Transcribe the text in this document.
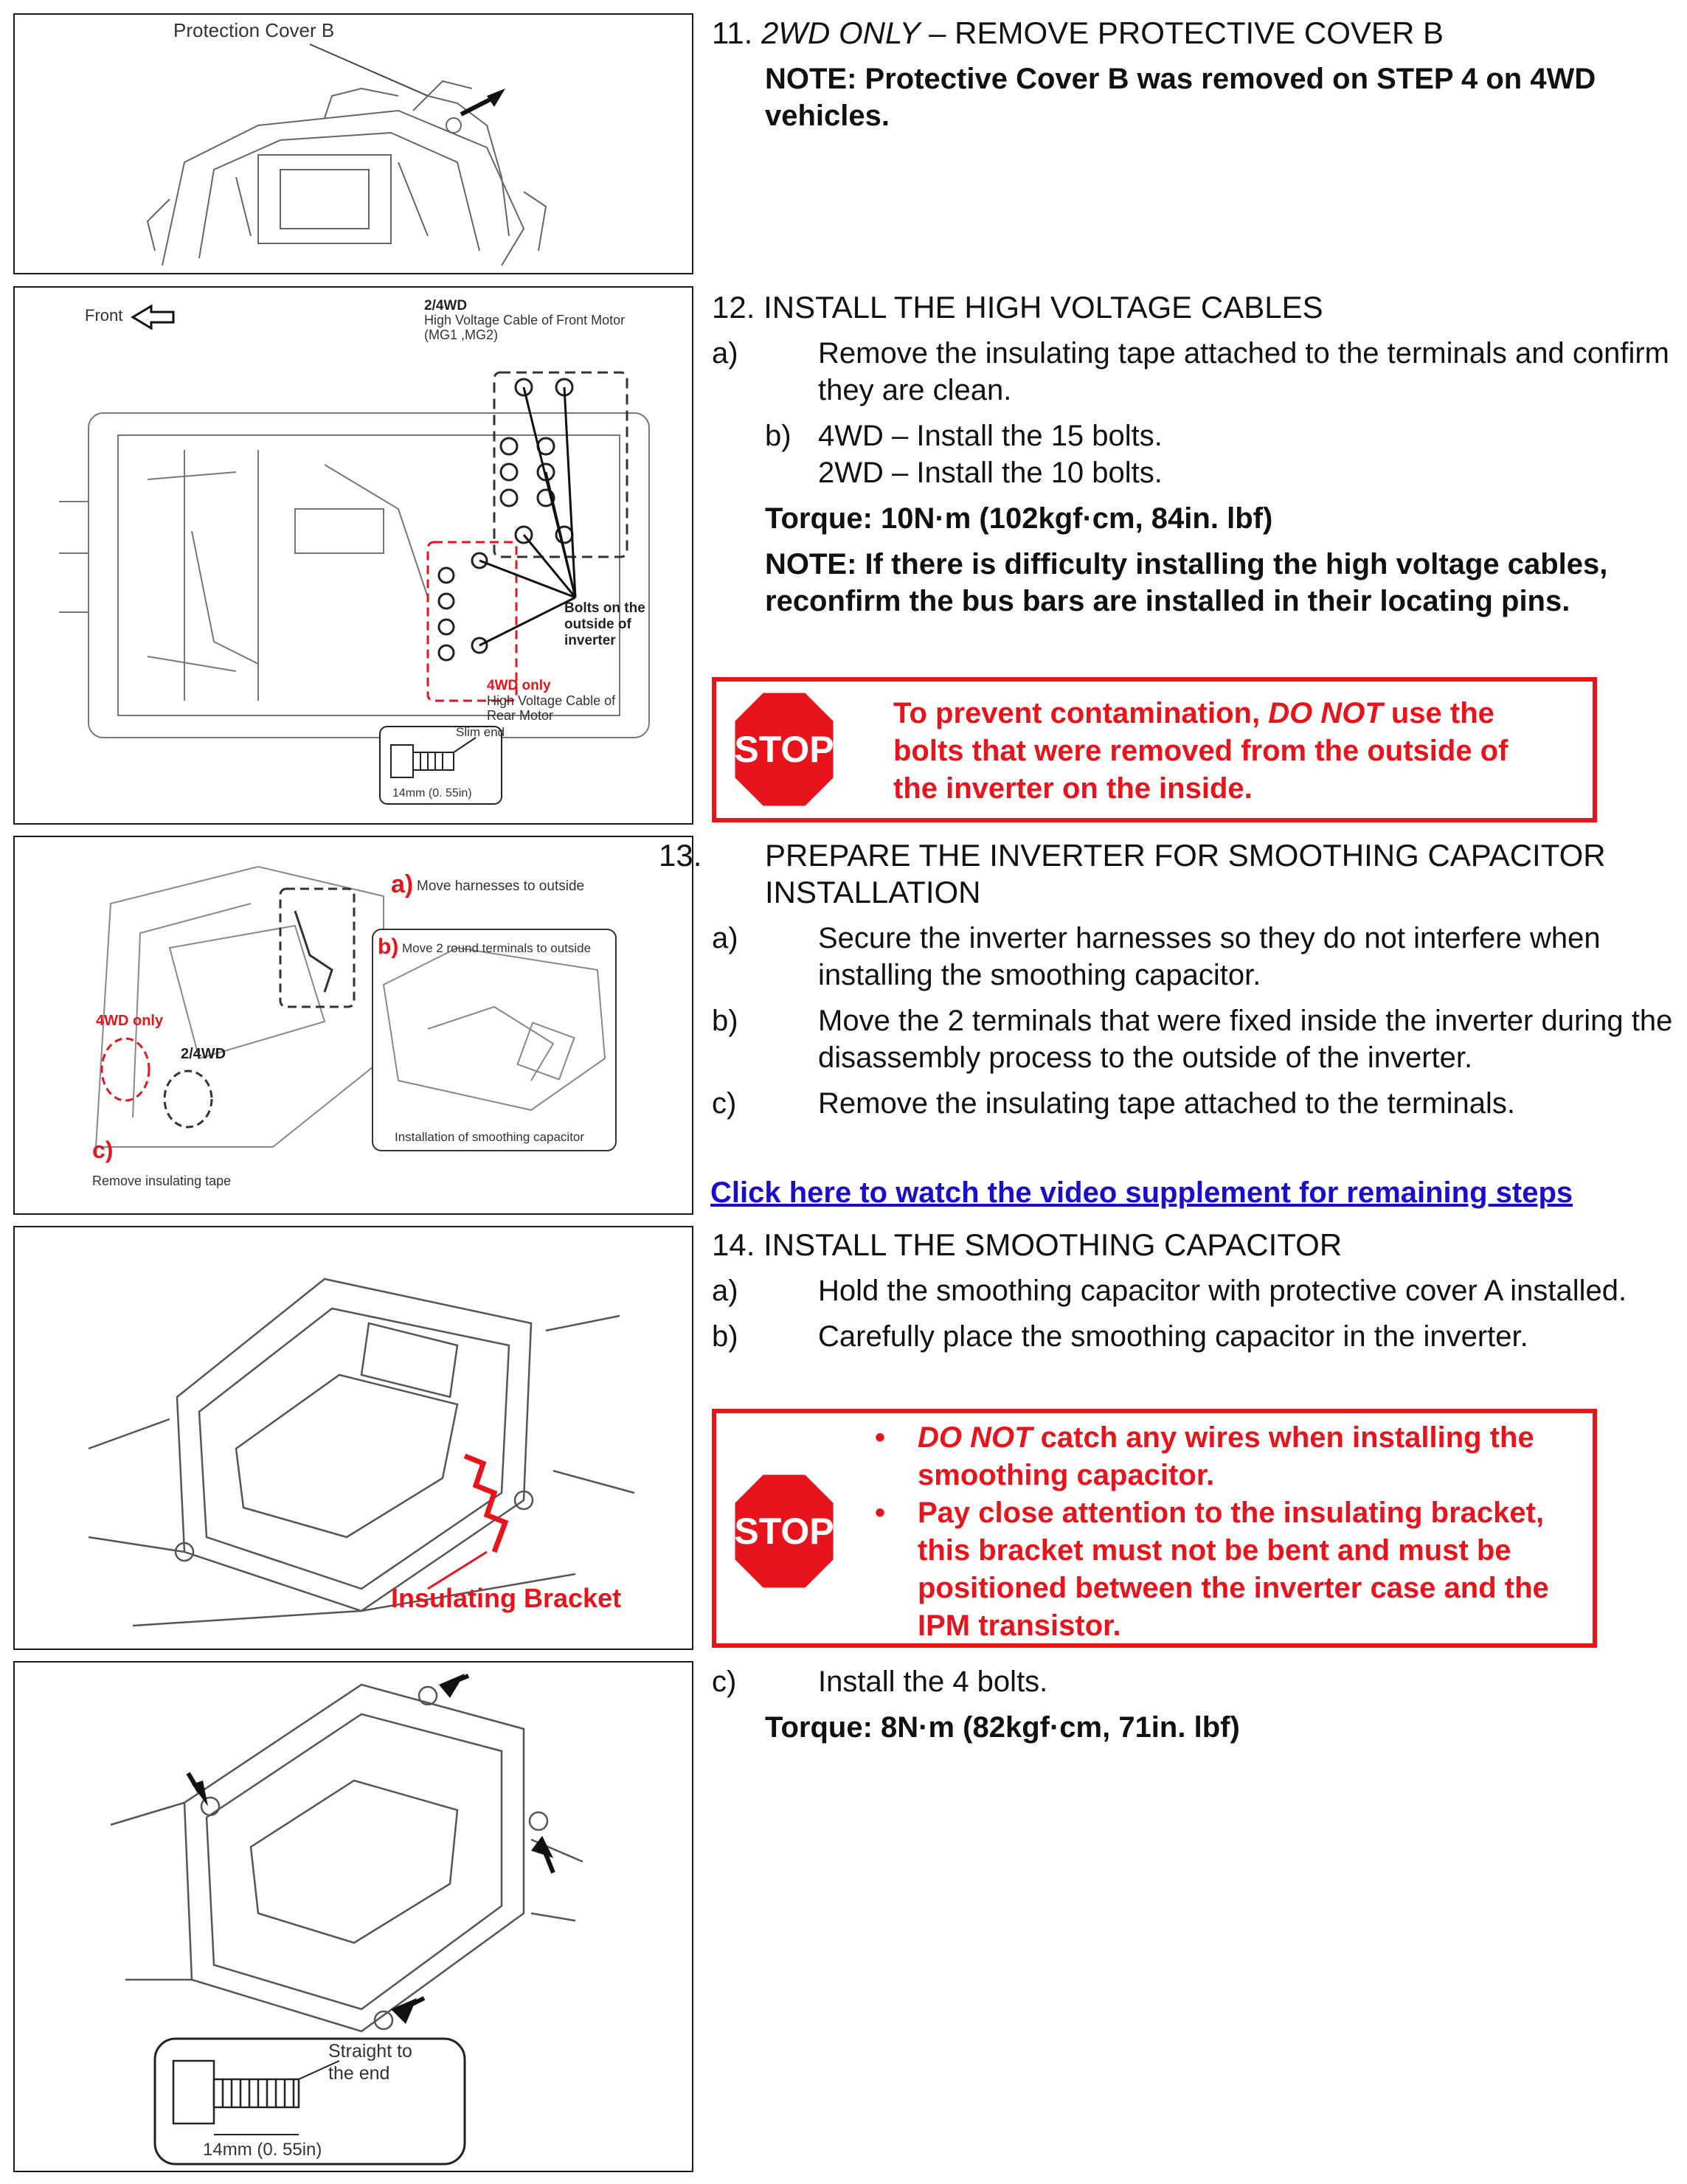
Protection Cover B
Front
2/4WD
High Voltage Cable of Front Motor
(MG1 ,MG2)
Bolts on the
outside of
inverter
4WD only
High Voltage Cable of
Rear Motor
Slim end
14mm (0. 55in)
a) Move harnesses to outside
b) Move 2 round terminals to outside
Installation of smoothing capacitor
4WD only
2/4WD
c)
Remove insulating tape
Insulating Bracket
Straight to
the end
14mm (0. 55in)

11. 2WD ONLY – REMOVE PROTECTIVE COVER B

NOTE: Protective Cover B was removed on STEP 4 on 4WD vehicles.

12. INSTALL THE HIGH VOLTAGE CABLES

a)	Remove the insulating tape attached to the terminals and confirm they are clean.

b) 4WD – Install the 15 bolts.

2WD – Install the 10 bolts.

Torque: 10N·m (102kgf·cm, 84in. lbf)

NOTE: If there is difficulty installing the high voltage cables, reconfirm the bus bars are installed in their locating pins.

STOP
To prevent contamination, DO NOT use the bolts that were removed from the outside of the inverter on the inside.

13. PREPARE THE INVERTER FOR SMOOTHING CAPACITOR INSTALLATION

a)	Secure the inverter harnesses so they do not interfere when installing the smoothing capacitor.

b)	Move the 2 terminals that were fixed inside the inverter during the disassembly process to the outside of the inverter.

c)	Remove the insulating tape attached to the terminals.

Click here to watch the video supplement for remaining steps

14. INSTALL THE SMOOTHING CAPACITOR

a)	Hold the smoothing capacitor with protective cover A installed.

b)	Carefully place the smoothing capacitor in the inverter.

STOP
• DO NOT catch any wires when installing the smoothing capacitor.
• Pay close attention to the insulating bracket, this bracket must not be bent and must be positioned between the inverter case and the IPM transistor.

c)	Install the 4 bolts.

Torque: 8N·m (82kgf·cm, 71in. lbf)
